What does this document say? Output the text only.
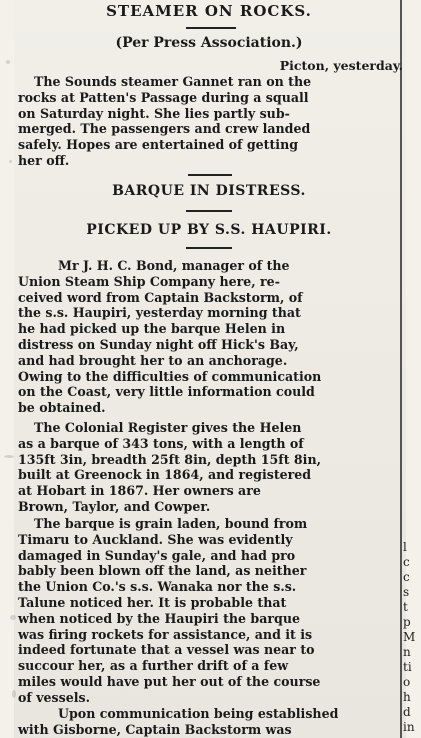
l
c
c
s
t
p
M
n
ti
o
h
d
in
STEAMER ON ROCKS.
(Per Press Association.)
Picton, yesterday.

The Sounds steamer Gannet ran on the
rocks at Patten's Passage during a squall
on Saturday night. She lies partly sub-
merged. The passengers and crew landed
safely. Hopes are entertained of getting
her off.

BARQUE IN DISTRESS.
PICKED UP BY S.S. HAUPIRI.

Mr J. H. C. Bond, manager of the
Union Steam Ship Company here, re-
ceived word from Captain Backstorm, of
the s.s. Haupiri, yesterday morning that
he had picked up the barque Helen in
distress on Sunday night off Hick's Bay,
and had brought her to an anchorage.
Owing to the difficulties of communication
on the Coast, very little information could
be obtained.

The Colonial Register gives the Helen
as a barque of 343 tons, with a length of
135ft 3in, breadth 25ft 8in, depth 15ft 8in,
built at Greenock in 1864, and registered
at Hobart in 1867. Her owners are
Brown, Taylor, and Cowper.

The barque is grain laden, bound from
Timaru to Auckland. She was evidently
damaged in Sunday's gale, and had pro
bably been blown off the land, as neither
the Union Co.'s s.s. Wanaka nor the s.s.
Talune noticed her. It is probable that
when noticed by the Haupiri the barque
was firing rockets for assistance, and it is
indeed fortunate that a vessel was near to
succour her, as a further drift of a few
miles would have put her out of the course
of vessels.

Upon communication being established
with Gisborne, Captain Backstorm was
